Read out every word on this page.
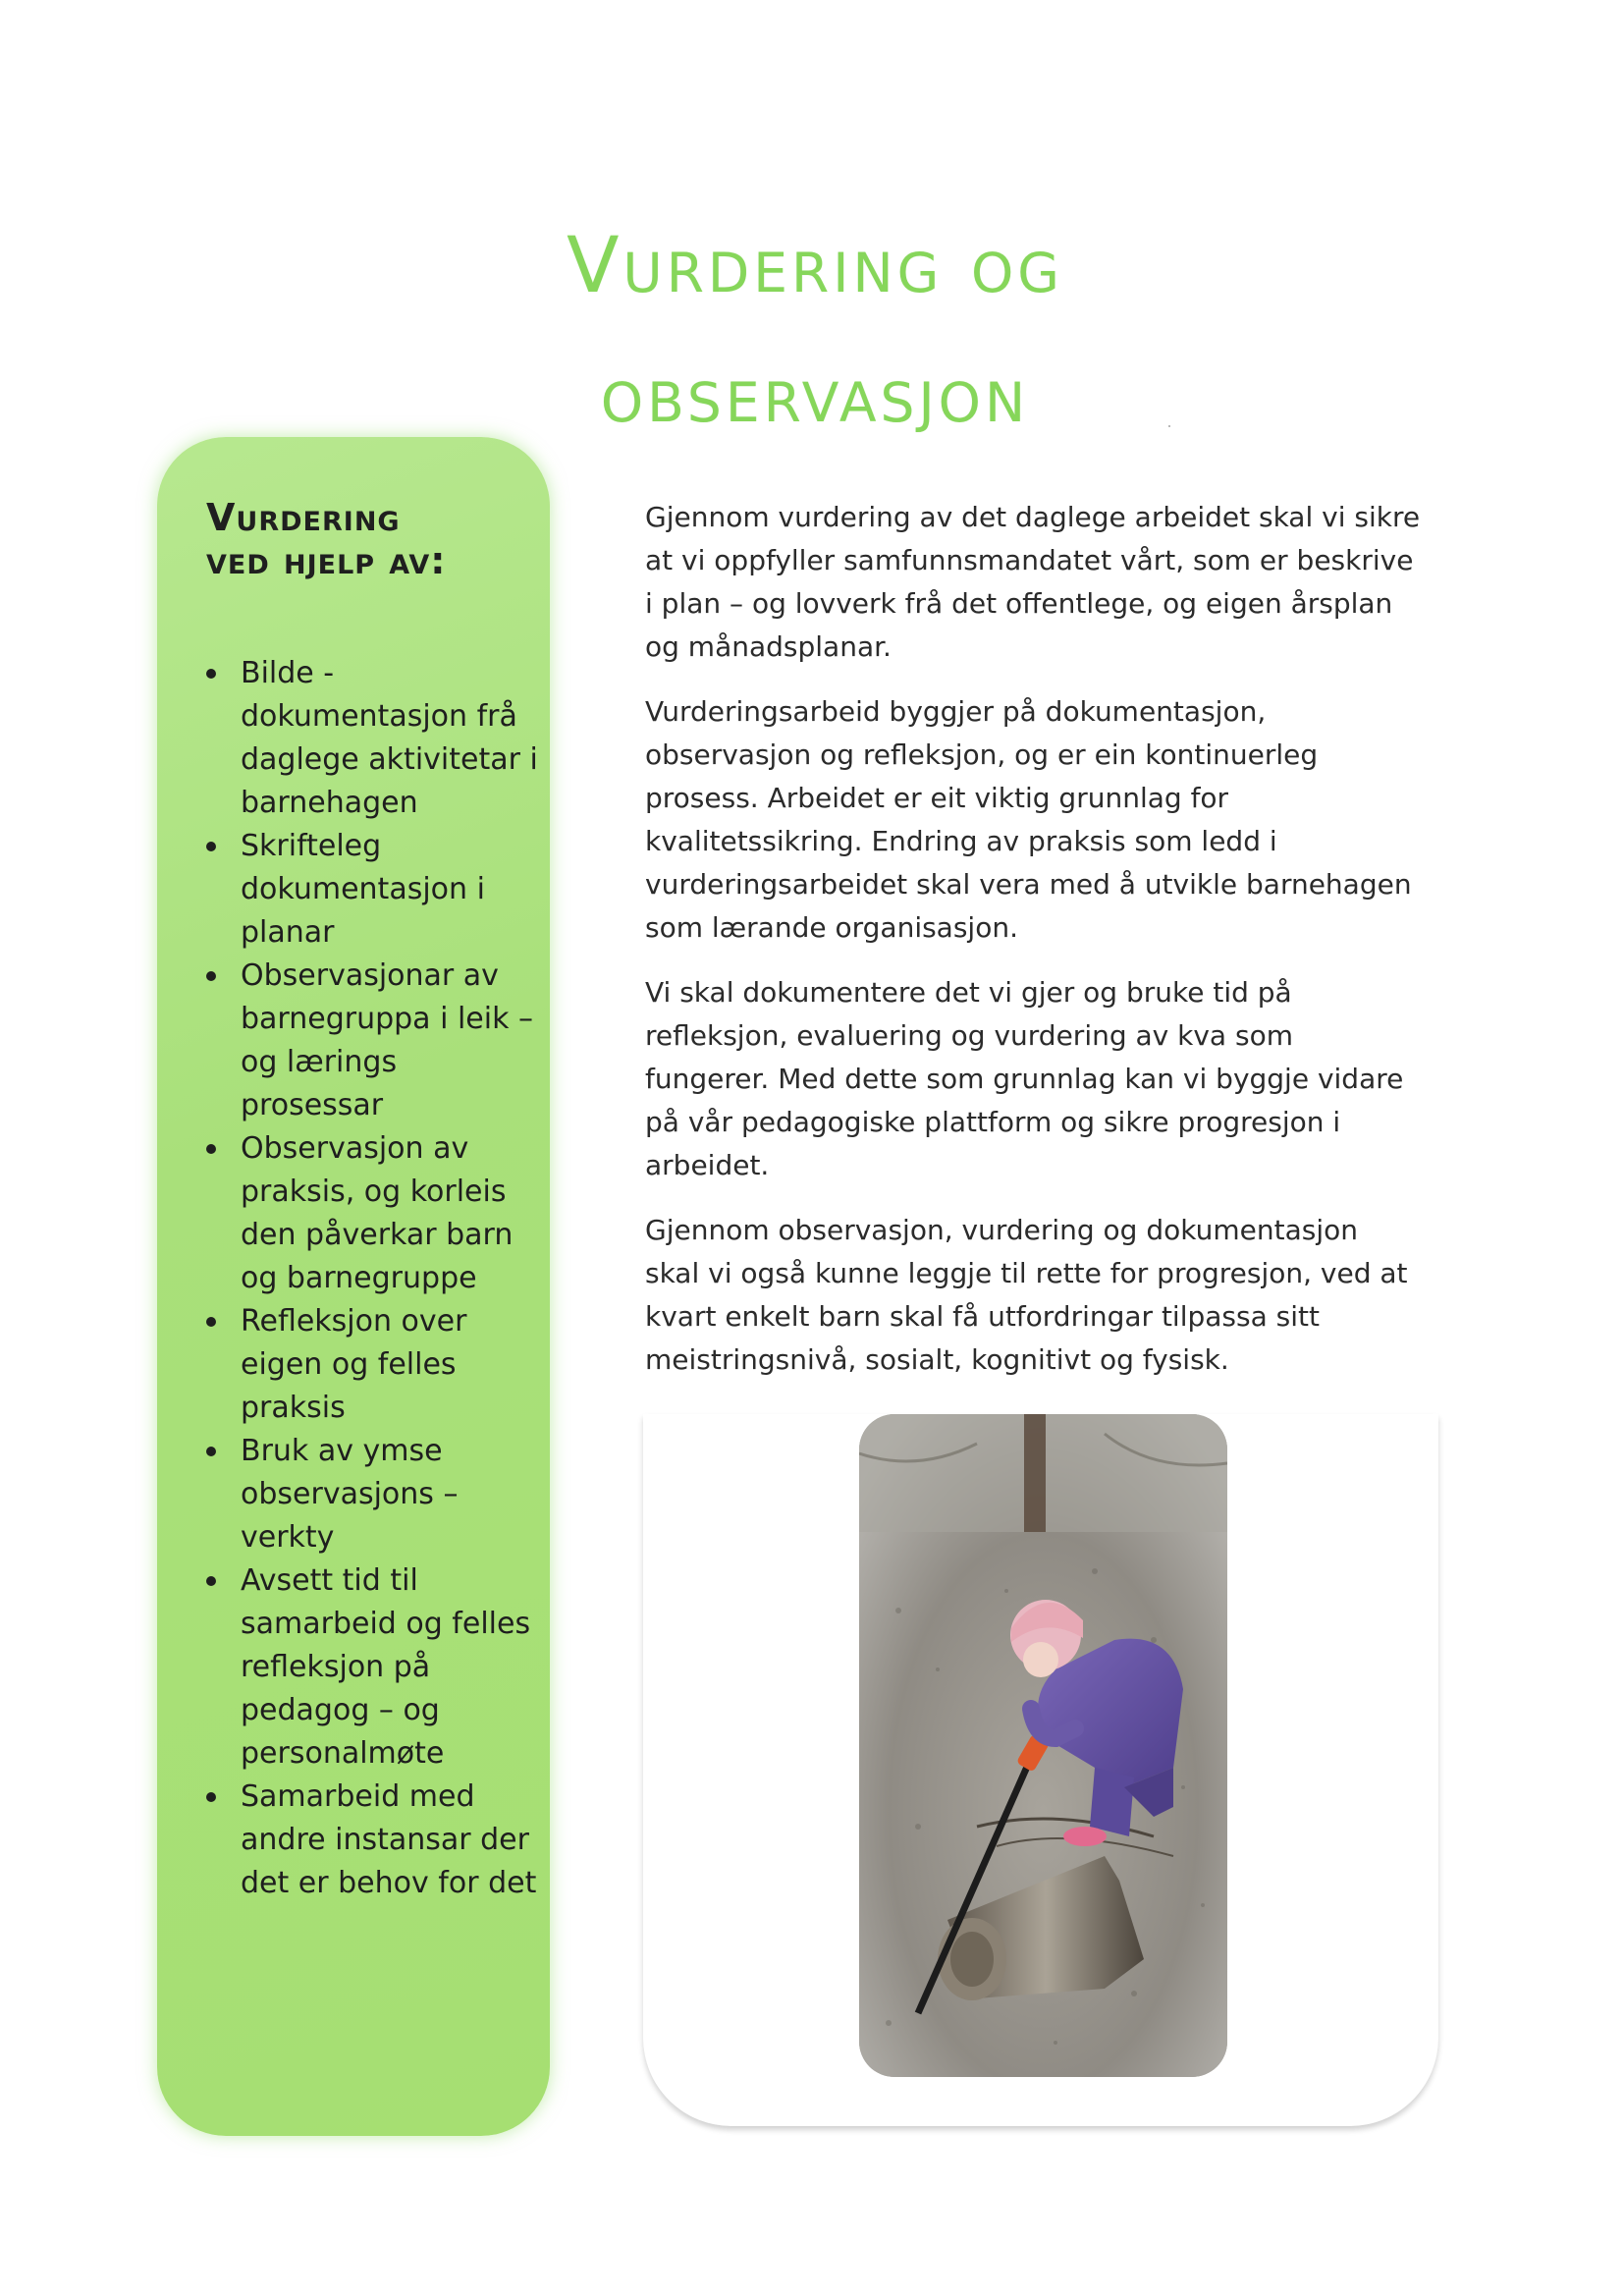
Vurdering og
observasjon
Vurdering
ved hjelp av:
Bilde - dokumentasjon frå daglege aktivitetar i barnehagen
Skrifteleg dokumentasjon i planar
Observasjonar av barnegruppa i leik – og lærings prosessar
Observasjon av praksis, og korleis den påverkar barn og barnegruppe
Refleksjon over eigen og felles praksis
Bruk av ymse observasjons – verkty
Avsett tid til samarbeid og felles refleksjon på pedagog – og personalmøte
Samarbeid med andre instansar der det er behov for det

Gjennom vurdering av det daglege arbeidet skal vi sikre at vi oppfyller samfunnsmandatet vårt, som er beskrive i plan – og lovverk frå det offentlege, og eigen årsplan og månadsplanar.

Vurderingsarbeid byggjer på dokumentasjon, observasjon og refleksjon, og er ein kontinuerleg prosess. Arbeidet er eit viktig grunnlag for kvalitetssikring. Endring av praksis som ledd i vurderingsarbeidet skal vera med å utvikle barnehagen som lærande organisasjon.

Vi skal dokumentere det vi gjer og bruke tid på refleksjon, evaluering og vurdering av kva som fungerer. Med dette som grunnlag kan vi byggje vidare på vår pedagogiske plattform og sikre progresjon i arbeidet.

Gjennom observasjon, vurdering og dokumentasjon skal vi også kunne leggje til rette for progresjon, ved at kvart enkelt barn skal få utfordringar tilpassa sitt meistringsnivå, sosialt, kognitivt og fysisk.
